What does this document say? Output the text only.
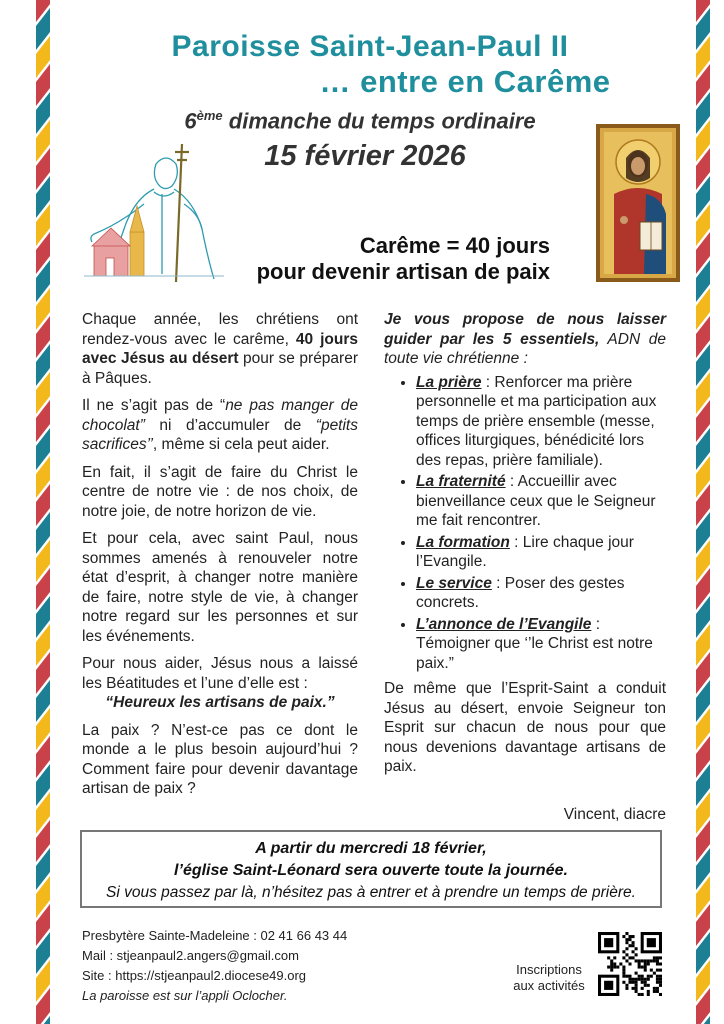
Paroisse Saint-Jean-Paul II
… entre en Carême
6ème dimanche du temps ordinaire
15 février 2026
Carême = 40 jours
pour devenir artisan de paix

Chaque année, les chrétiens ont rendez-vous avec le carême, 40 jours avec Jésus au désert pour se préparer à Pâques.

Il ne s’agit pas de “ne pas manger de chocolat” ni d’accumuler de “petits sacrifices’’, même si cela peut aider.

En fait, il s’agit de faire du Christ le centre de notre vie : de nos choix, de notre joie, de notre horizon de vie.

Et pour cela, avec saint Paul, nous sommes amenés à renouveler notre état d’esprit, à changer notre manière de faire, notre style de vie, à changer notre regard sur les personnes et sur les événements.

Pour nous aider, Jésus nous a laissé les Béatitudes et l’une d’elle est :

“Heureux les artisans de paix.”

La paix ? N’est-ce pas ce dont le monde a le plus besoin aujourd’hui ? Comment faire pour devenir davantage artisan de paix ?

Je vous propose de nous laisser guider par les 5 essentiels, ADN de toute vie chrétienne :

• La prière : Renforcer ma prière personnelle et ma participation aux temps de prière ensemble (messe, offices liturgiques, bénédicité lors des repas, prière familiale).
• La fraternité : Accueillir avec bienveillance ceux que le Seigneur me fait rencontrer.
• La formation : Lire chaque jour l’Evangile.
• Le service : Poser des gestes concrets.
• L’annonce de l’Evangile : Témoigner que ‘’le Christ est notre paix.”

De même que l’Esprit-Saint a conduit Jésus au désert, envoie Seigneur ton Esprit sur chacun de nous pour que nous devenions davantage artisans de paix.

Vincent, diacre
A partir du mercredi 18 février,
l’église Saint-Léonard sera ouverte toute la journée.
Si vous passez par là, n’hésitez pas à entrer et à prendre un temps de prière.
Presbytère Sainte-Madeleine : 02 41 66 43 44
Mail : stjeanpaul2.angers@gmail.com
Site : https://stjeanpaul2.diocese49.org
La paroisse est sur l’appli Oclocher.
Inscriptions
aux activités
